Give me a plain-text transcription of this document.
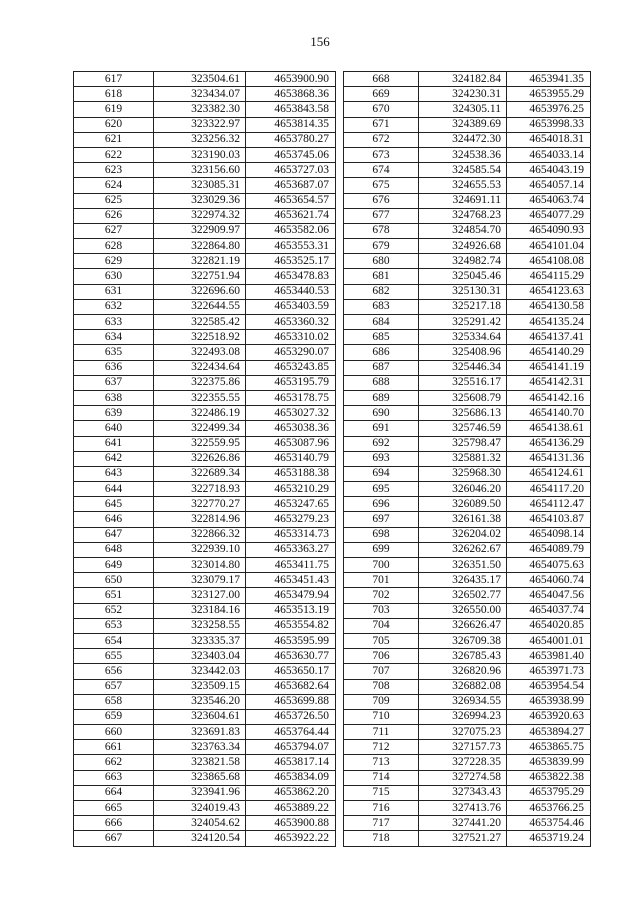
156
617	323504.61	4653900.90
618	323434.07	4653868.36
619	323382.30	4653843.58
620	323322.97	4653814.35
621	323256.32	4653780.27
622	323190.03	4653745.06
623	323156.60	4653727.03
624	323085.31	4653687.07
625	323029.36	4653654.57
626	322974.32	4653621.74
627	322909.97	4653582.06
628	322864.80	4653553.31
629	322821.19	4653525.17
630	322751.94	4653478.83
631	322696.60	4653440.53
632	322644.55	4653403.59
633	322585.42	4653360.32
634	322518.92	4653310.02
635	322493.08	4653290.07
636	322434.64	4653243.85
637	322375.86	4653195.79
638	322355.55	4653178.75
639	322486.19	4653027.32
640	322499.34	4653038.36
641	322559.95	4653087.96
642	322626.86	4653140.79
643	322689.34	4653188.38
644	322718.93	4653210.29
645	322770.27	4653247.65
646	322814.96	4653279.23
647	322866.32	4653314.73
648	322939.10	4653363.27
649	323014.80	4653411.75
650	323079.17	4653451.43
651	323127.00	4653479.94
652	323184.16	4653513.19
653	323258.55	4653554.82
654	323335.37	4653595.99
655	323403.04	4653630.77
656	323442.03	4653650.17
657	323509.15	4653682.64
658	323546.20	4653699.88
659	323604.61	4653726.50
660	323691.83	4653764.44
661	323763.34	4653794.07
662	323821.58	4653817.14
663	323865.68	4653834.09
664	323941.96	4653862.20
665	324019.43	4653889.22
666	324054.62	4653900.88
667	324120.54	4653922.22
668	324182.84	4653941.35
669	324230.31	4653955.29
670	324305.11	4653976.25
671	324389.69	4653998.33
672	324472.30	4654018.31
673	324538.36	4654033.14
674	324585.54	4654043.19
675	324655.53	4654057.14
676	324691.11	4654063.74
677	324768.23	4654077.29
678	324854.70	4654090.93
679	324926.68	4654101.04
680	324982.74	4654108.08
681	325045.46	4654115.29
682	325130.31	4654123.63
683	325217.18	4654130.58
684	325291.42	4654135.24
685	325334.64	4654137.41
686	325408.96	4654140.29
687	325446.34	4654141.19
688	325516.17	4654142.31
689	325608.79	4654142.16
690	325686.13	4654140.70
691	325746.59	4654138.61
692	325798.47	4654136.29
693	325881.32	4654131.36
694	325968.30	4654124.61
695	326046.20	4654117.20
696	326089.50	4654112.47
697	326161.38	4654103.87
698	326204.02	4654098.14
699	326262.67	4654089.79
700	326351.50	4654075.63
701	326435.17	4654060.74
702	326502.77	4654047.56
703	326550.00	4654037.74
704	326626.47	4654020.85
705	326709.38	4654001.01
706	326785.43	4653981.40
707	326820.96	4653971.73
708	326882.08	4653954.54
709	326934.55	4653938.99
710	326994.23	4653920.63
711	327075.23	4653894.27
712	327157.73	4653865.75
713	327228.35	4653839.99
714	327274.58	4653822.38
715	327343.43	4653795.29
716	327413.76	4653766.25
717	327441.20	4653754.46
718	327521.27	4653719.24
